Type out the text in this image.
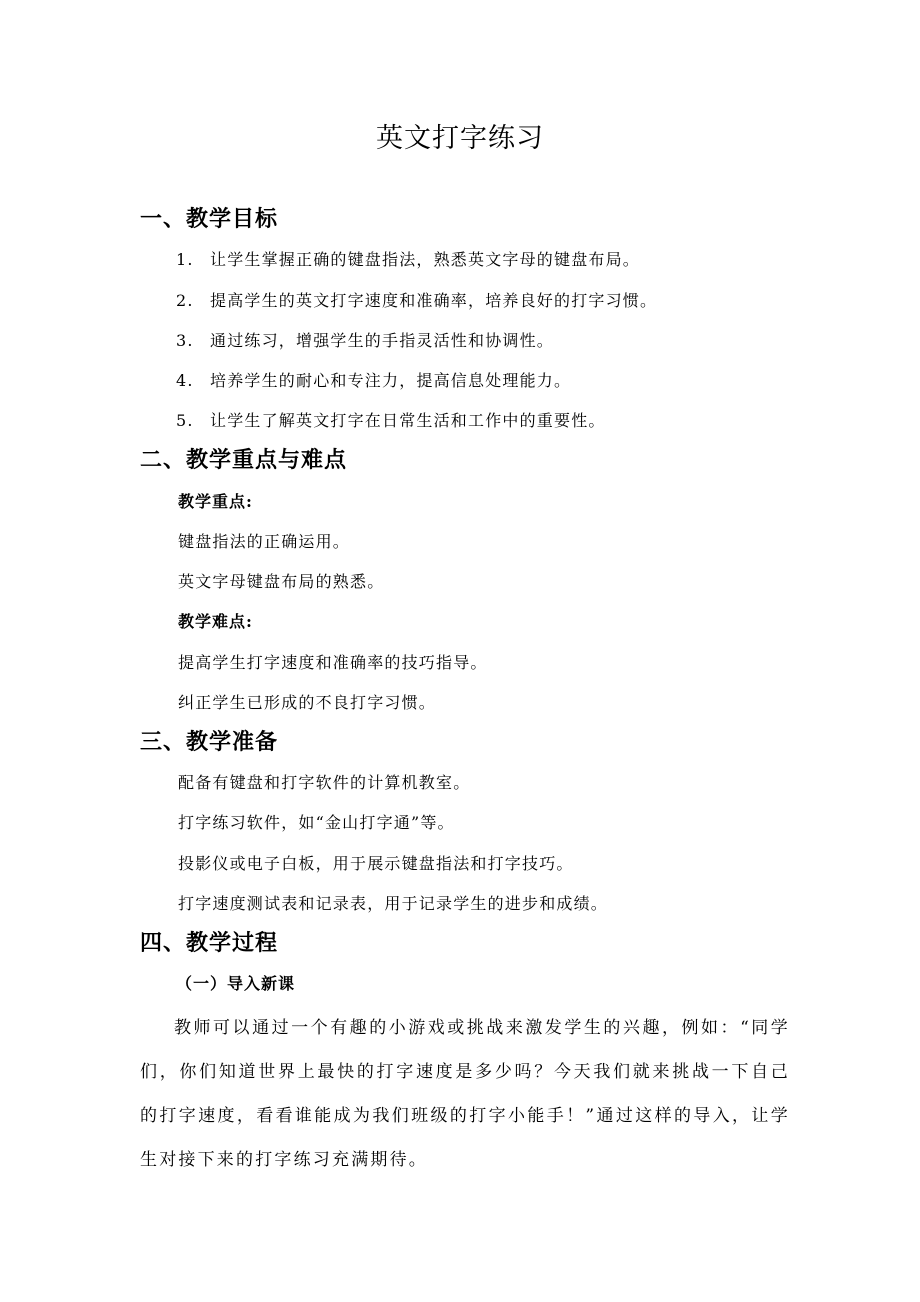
英文打字练习
一、教学目标
1. 让学生掌握正确的键盘指法，熟悉英文字母的键盘布局。
2. 提高学生的英文打字速度和准确率，培养良好的打字习惯。
3. 通过练习，增强学生的手指灵活性和协调性。
4. 培养学生的耐心和专注力，提高信息处理能力。
5. 让学生了解英文打字在日常生活和工作中的重要性。
二、教学重点与难点
教学重点:
键盘指法的正确运用。
英文字母键盘布局的熟悉。
教学难点:
提高学生打字速度和准确率的技巧指导。
纠正学生已形成的不良打字习惯。
三、教学准备
配备有键盘和打字软件的计算机教室。
打字练习软件，如“金山打字通”等。
投影仪或电子白板，用于展示键盘指法和打字技巧。
打字速度测试表和记录表，用于记录学生的进步和成绩。
四、教学过程
（一）导入新课
教师可以通过一个有趣的小游戏或挑战来激发学生的兴趣，例如：“同学们，你们知道世界上最快的打字速度是多少吗？今天我们就来挑战一下自己的打字速度，看看谁能成为我们班级的打字小能手！”通过这样的导入，让学生对接下来的打字练习充满期待。
